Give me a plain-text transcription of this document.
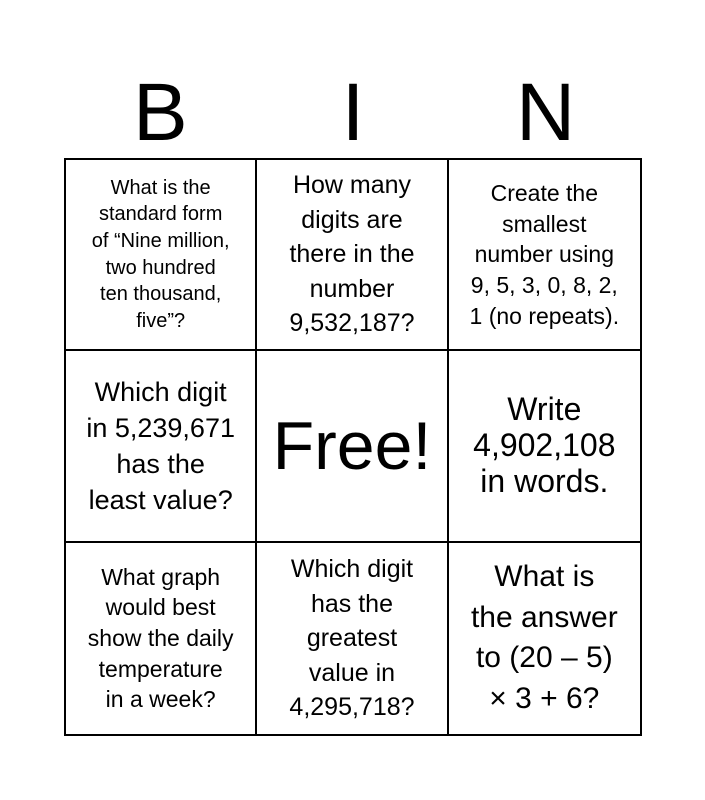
B	I	N
What is the
standard form
of “Nine million,
two hundred
ten thousand,
five”?
How many
digits are
there in the
number
9,532,187?
Create the
smallest
number using
9, 5, 3, 0, 8, 2,
1 (no repeats).
Which digit
in 5,239,671
has the
least value?
Free!	Write
4,902,108
in words.
What graph
would best
show the daily
temperature
in a week?
Which digit
has the
greatest
value in
4,295,718?
What is
the answer
to (20 – 5)
× 3 + 6?
